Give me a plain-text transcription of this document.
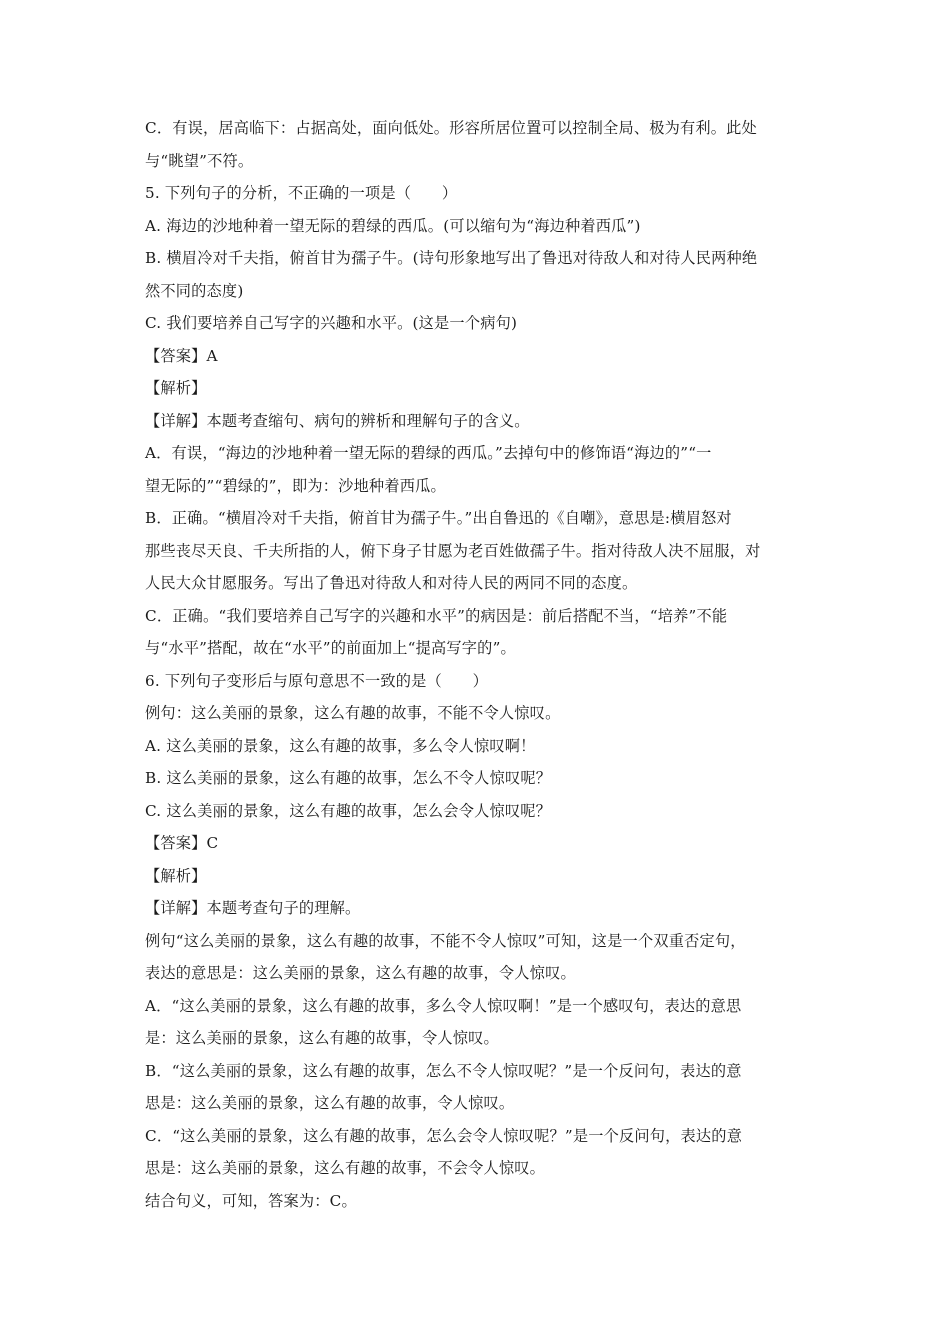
C．有误，居高临下：占据高处，面向低处。形容所居位置可以控制全局、极为有利。此处
与“眺望”不符。
5. 下列句子的分析，不正确的一项是（　　）
A. 海边的沙地种着一望无际的碧绿的西瓜。(可以缩句为“海边种着西瓜”)
B. 横眉冷对千夫指，俯首甘为孺子牛。(诗句形象地写出了鲁迅对待敌人和对待人民两种绝
然不同的态度)
C. 我们要培养自己写字的兴趣和水平。(这是一个病句)
【答案】A
【解析】
【详解】本题考查缩句、病句的辨析和理解句子的含义。
A．有误，“海边的沙地种着一望无际的碧绿的西瓜。”去掉句中的修饰语“海边的”“一
望无际的”“碧绿的”，即为：沙地种着西瓜。
B．正确。“横眉冷对千夫指，俯首甘为孺子牛。”出自鲁迅的《自嘲》，意思是:横眉怒对
那些丧尽天良、千夫所指的人，俯下身子甘愿为老百姓做孺子牛。指对待敌人决不屈服，对
人民大众甘愿服务。写出了鲁迅对待敌人和对待人民的两同不同的态度。
C．正确。“我们要培养自己写字的兴趣和水平”的病因是：前后搭配不当，“培养”不能
与“水平”搭配，故在“水平”的前面加上“提高写字的”。
6. 下列句子变形后与原句意思不一致的是（　　）
例句：这么美丽的景象，这么有趣的故事，不能不令人惊叹。
A. 这么美丽的景象，这么有趣的故事，多么令人惊叹啊！
B. 这么美丽的景象，这么有趣的故事，怎么不令人惊叹呢？
C. 这么美丽的景象，这么有趣的故事，怎么会令人惊叹呢？
【答案】C
【解析】
【详解】本题考查句子的理解。
例句“这么美丽的景象，这么有趣的故事，不能不令人惊叹”可知，这是一个双重否定句，
表达的意思是：这么美丽的景象，这么有趣的故事，令人惊叹。
A．“这么美丽的景象，这么有趣的故事，多么令人惊叹啊！”是一个感叹句，表达的意思
是：这么美丽的景象，这么有趣的故事，令人惊叹。
B．“这么美丽的景象，这么有趣的故事，怎么不令人惊叹呢？”是一个反问句，表达的意
思是：这么美丽的景象，这么有趣的故事，令人惊叹。
C．“这么美丽的景象，这么有趣的故事，怎么会令人惊叹呢？”是一个反问句，表达的意
思是：这么美丽的景象，这么有趣的故事，不会令人惊叹。
结合句义，可知，答案为：C。
